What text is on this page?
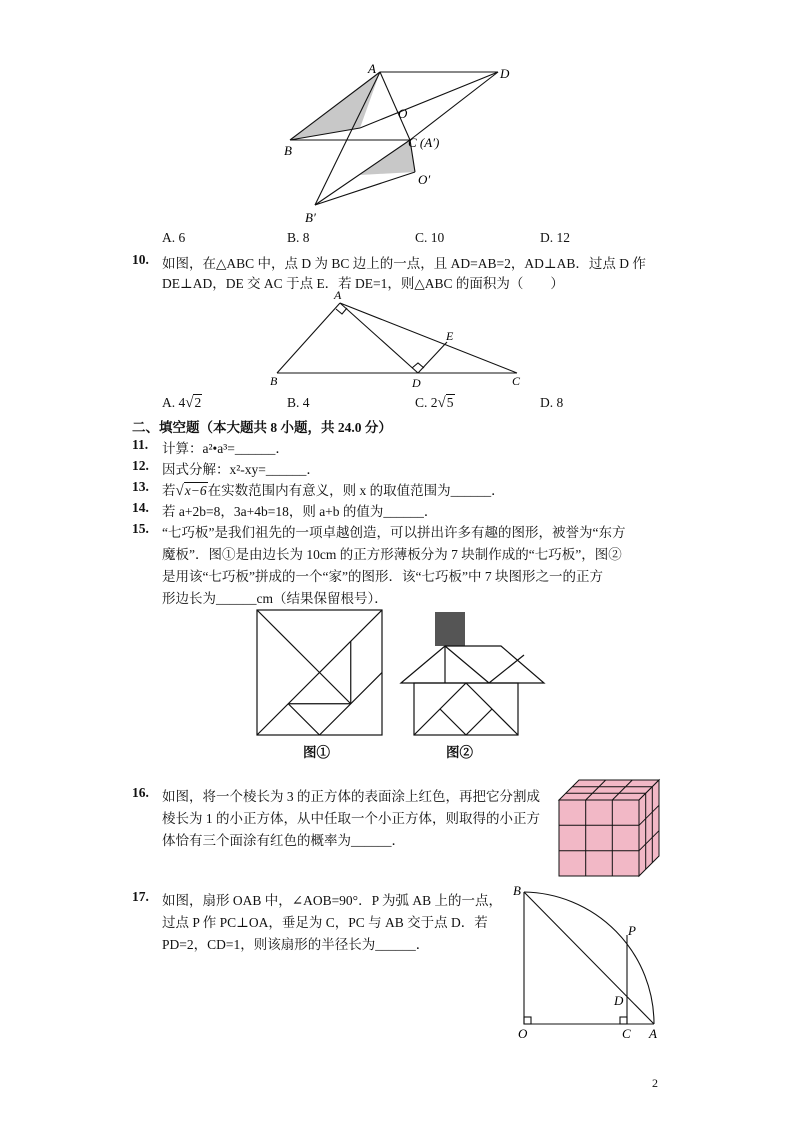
A	D
O
B
C (A′)
O′
B′
A. 6	B. 8	C. 10	D. 12
10. 如图，在△ABC 中，点 D 为 BC 边上的一点，且 AD=AB=2，AD⊥AB．过点 D 作
DE⊥AD，DE 交 AC 于点 E．若 DE=1，则△ABC 的面积为（　　）
A
B	D	C
E
A. 4√2	B. 4	C. 2√5	D. 8
二、填空题（本大题共 8 小题，共 24.0 分）
11. 计算：a²•a³=______．
12. 因式分解：x²-xy=______．
13. 若√x−6在实数范围内有意义，则 x 的取值范围为______．
14. 若 a+2b=8，3a+4b=18，则 a+b 的值为______．
15. “七巧板”是我们祖先的一项卓越创造，可以拼出许多有趣的图形，被誉为“东方
魔板”．图①是由边长为 10cm 的正方形薄板分为 7 块制作成的“七巧板”，图②
是用该“七巧板”拼成的一个“家”的图形．该“七巧板”中 7 块图形之一的正方
形边长为______cm（结果保留根号）．
图①	图②
16. 如图，将一个棱长为 3 的正方体的表面涂上红色，再把它分割成
棱长为 1 的小正方体，从中任取一个小正方体，则取得的小正方
体恰有三个面涂有红色的概率为______．
17. 如图，扇形 OAB 中，∠AOB=90°．P 为弧 AB 上的一点，
过点 P 作 PC⊥OA，垂足为 C，PC 与 AB 交于点 D．若
PD=2，CD=1，则该扇形的半径长为______．
B
P
D
O	C A
2
